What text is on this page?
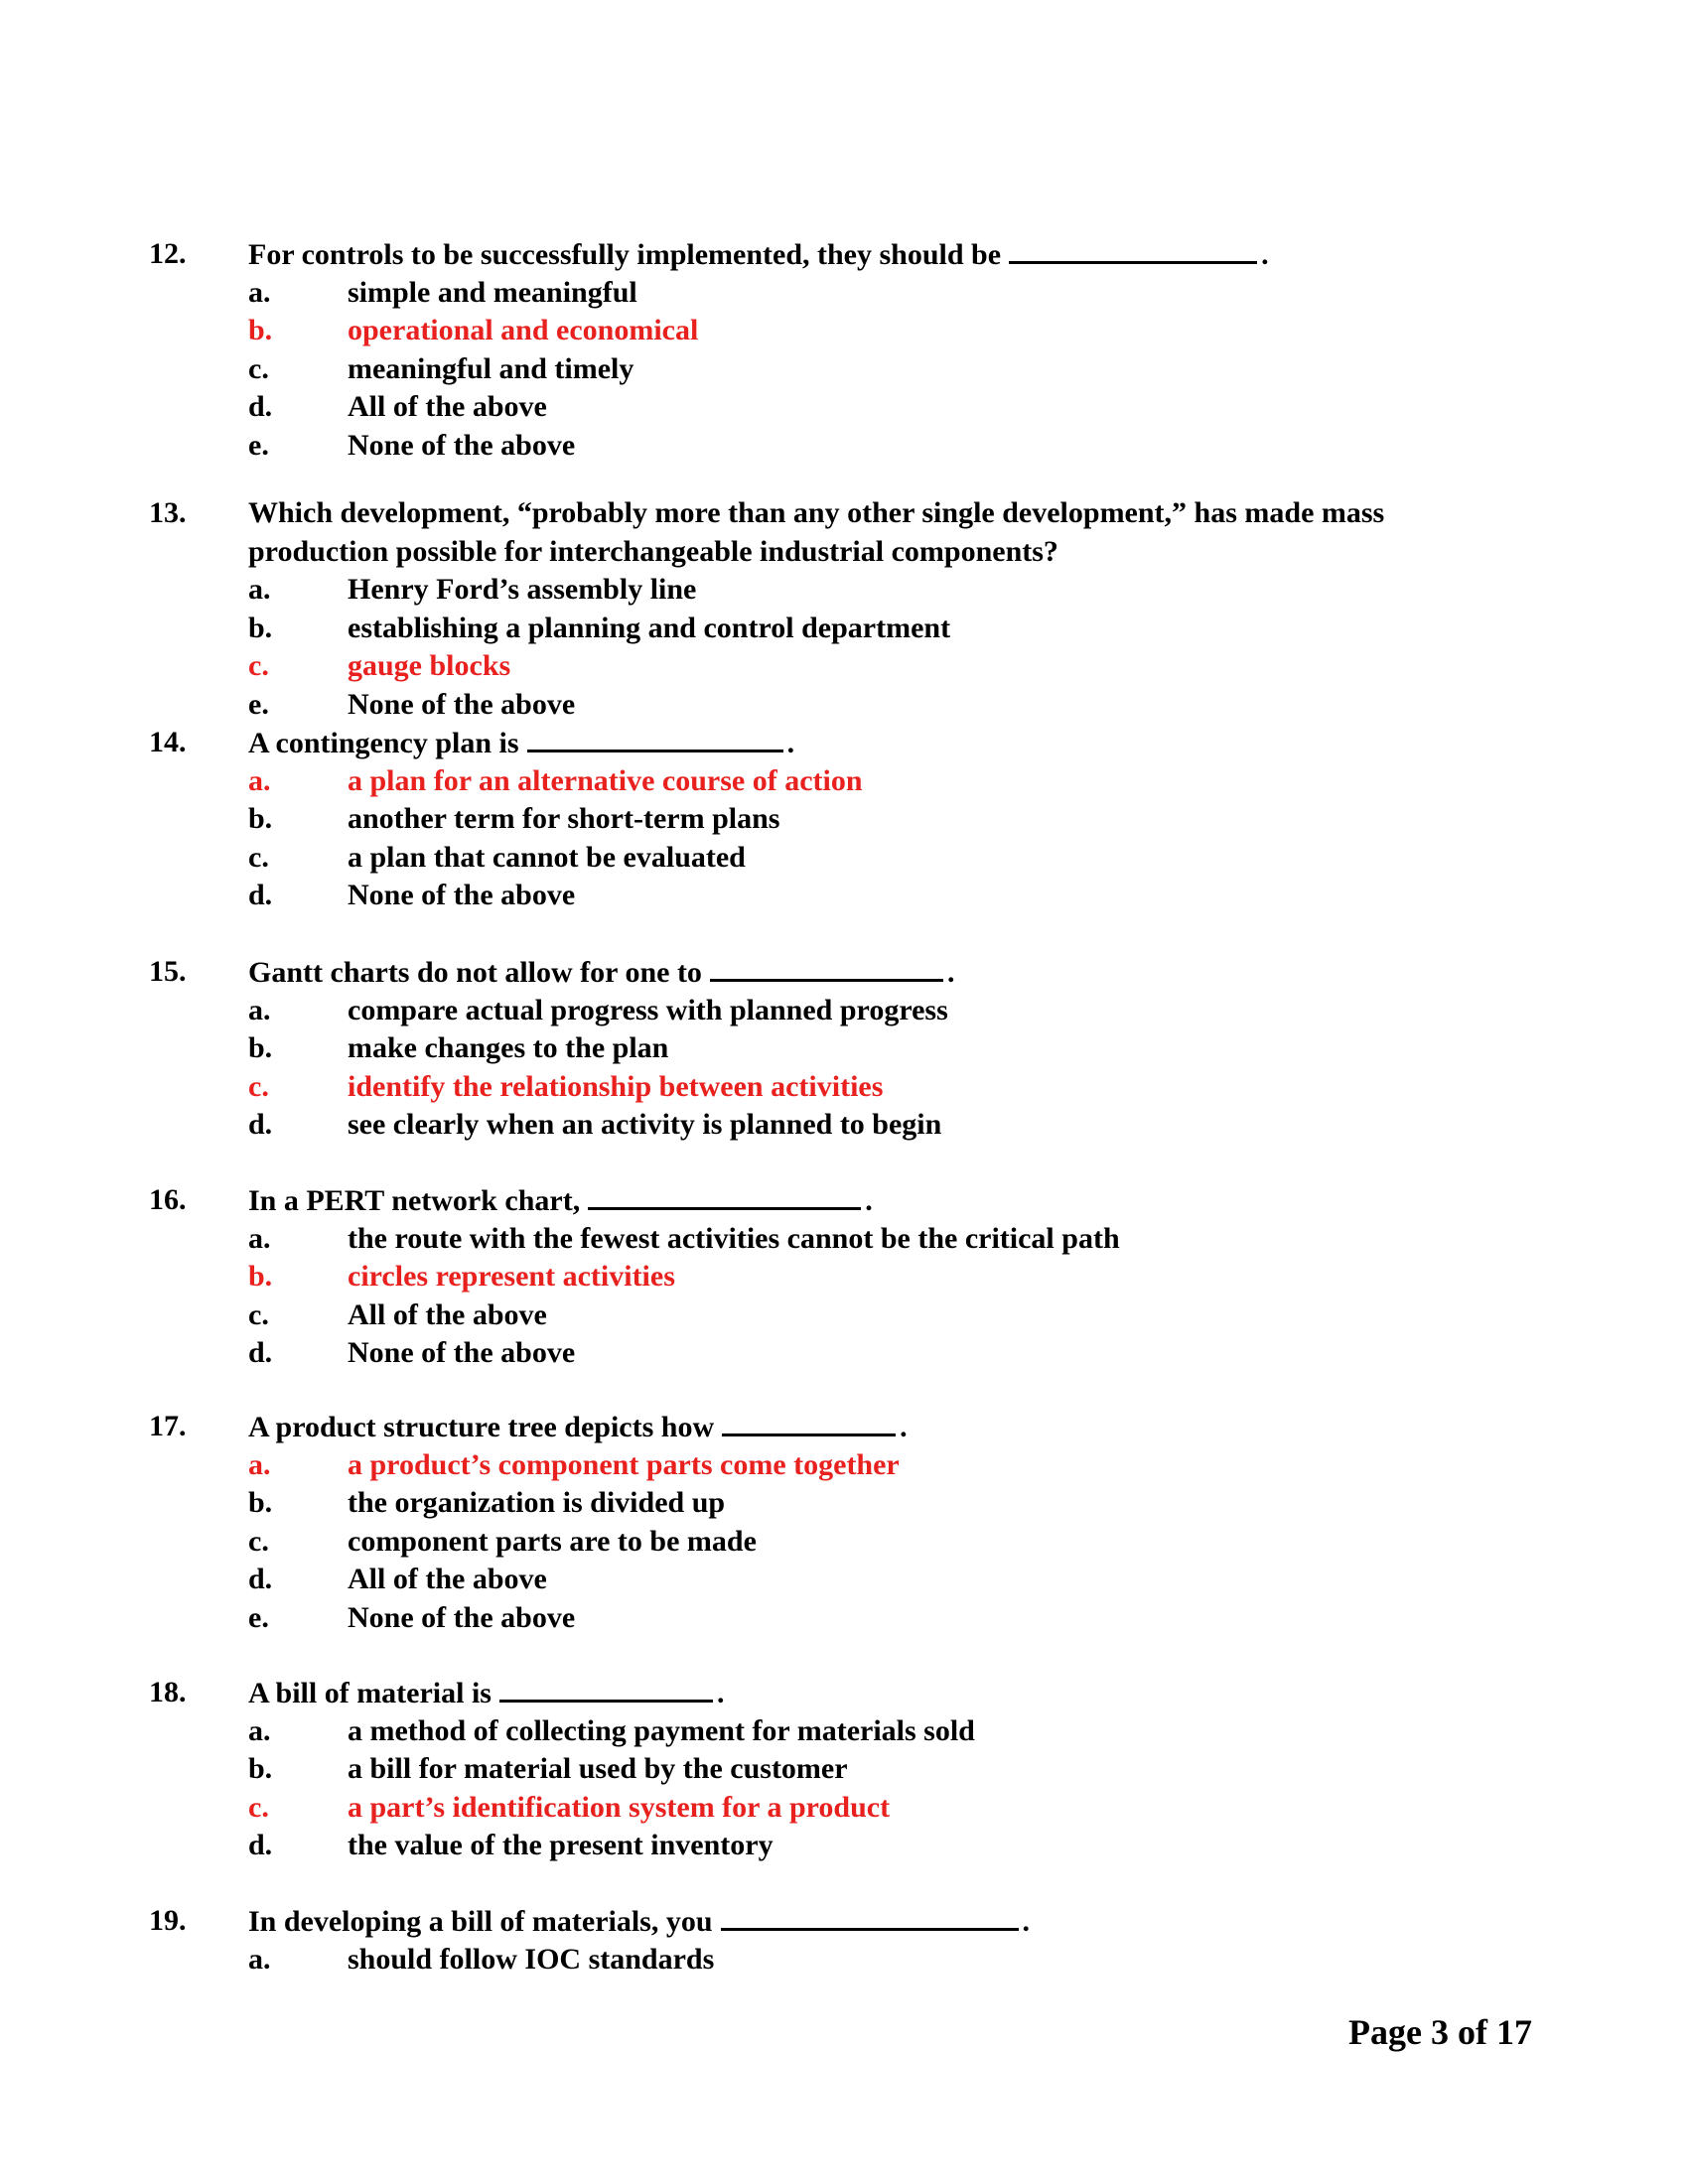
12. For controls to be successfully implemented, they should be	.
a.	simple and meaningful
b.	operational and economical
c.	meaningful and timely
d.	All of the above
e.	None of the above
13. Which development, “probably more than any other single development,” has made mass
production possible for interchangeable industrial components?
a.	Henry Ford’s assembly line
b.	establishing a planning and control department
c.	gauge blocks
e.	None of the above
14. A contingency plan is	.
a.	a plan for an alternative course of action
b.	another term for short-term plans
c.	a plan that cannot be evaluated
d.	None of the above
15. Gantt charts do not allow for one to	.
a.	compare actual progress with planned progress
b.	make changes to the plan
c.	identify the relationship between activities
d.	see clearly when an activity is planned to begin
16. In a PERT network chart,	.
a.	the route with the fewest activities cannot be the critical path
b.	circles represent activities
c.	All of the above
d.	None of the above
17. A product structure tree depicts how	.
a.	a product’s component parts come together
b.	the organization is divided up
c.	component parts are to be made
d.	All of the above
e.	None of the above
18. A bill of material is	.
a.	a method of collecting payment for materials sold
b.	a bill for material used by the customer
c.	a part’s identification system for a product
d.	the value of the present inventory
19. In developing a bill of materials, you	.
a.	should follow IOC standards
Page 3 of 17
